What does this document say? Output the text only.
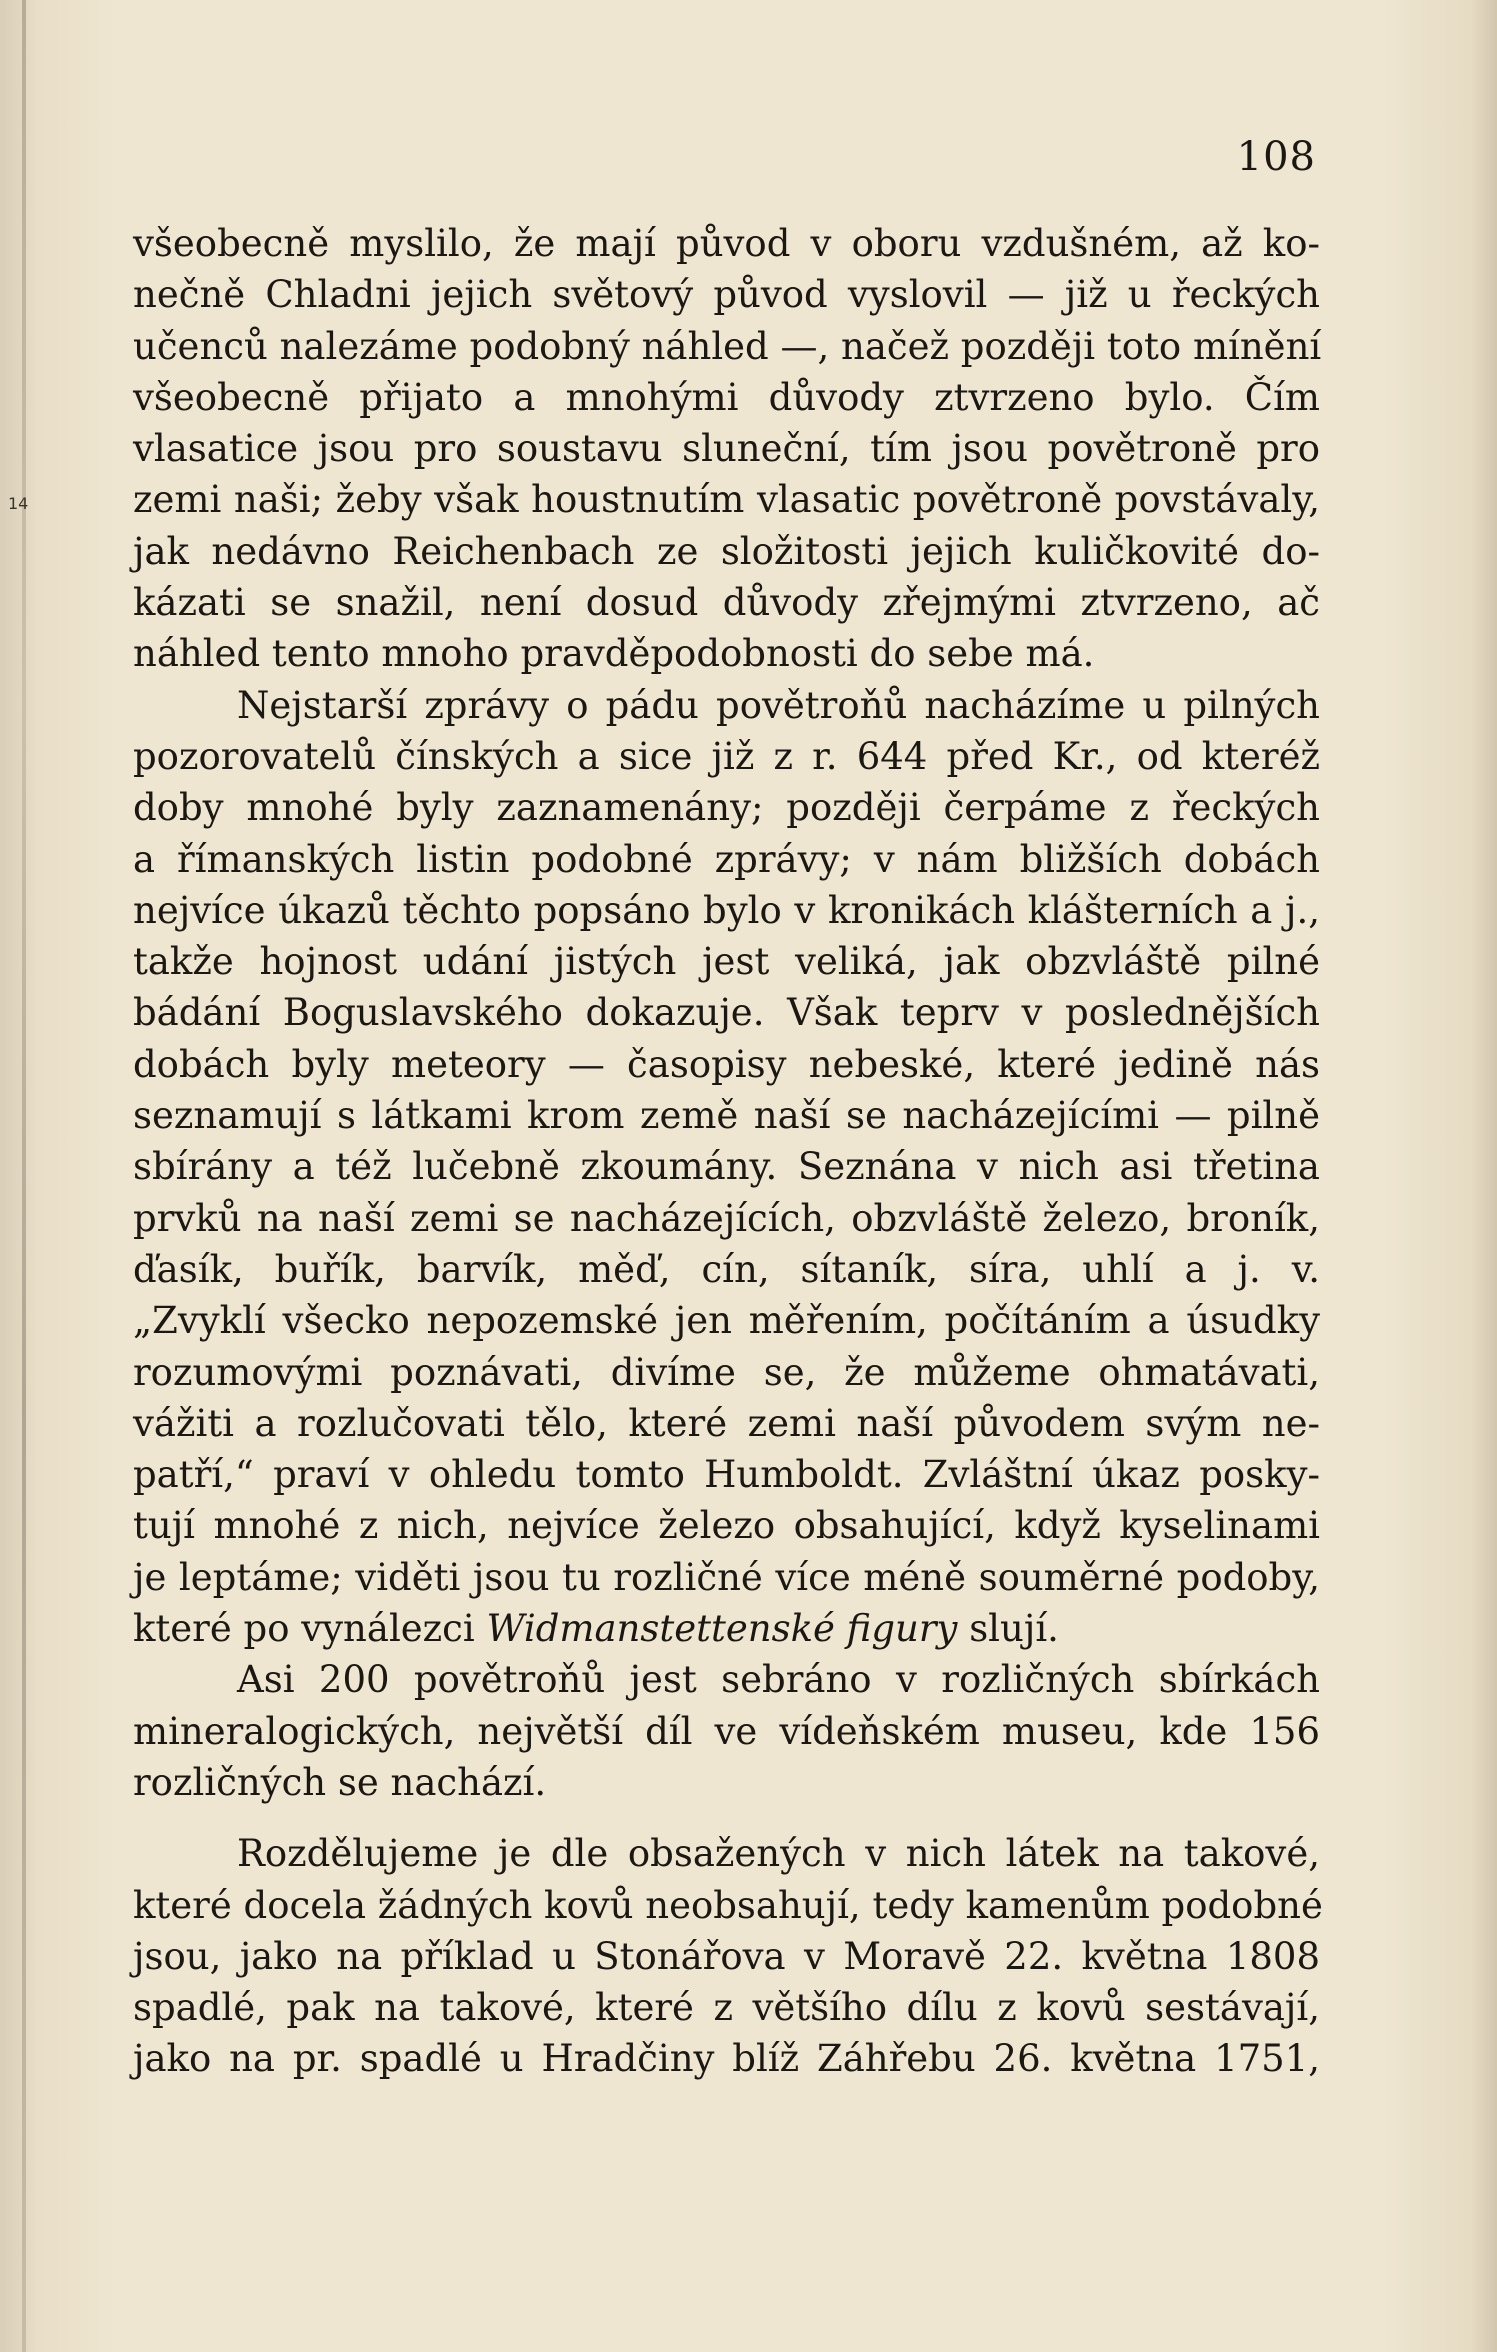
14
108
všeobecně myslilo, že mají původ v oboru vzdušném, až ko-
nečně Chladni jejich světový původ vyslovil — již u řeckých
učenců nalezáme podobný náhled —, načež později toto mínění
všeobecně přijato a mnohými důvody ztvrzeno bylo. Čím
vlasatice jsou pro soustavu sluneční, tím jsou povětroně pro
zemi naši; žeby však houstnutím vlasatic povětroně povstávaly,
jak nedávno Reichenbach ze složitosti jejich kuličkovité do-
kázati se snažil, není dosud důvody zřejmými ztvrzeno, ač
náhled tento mnoho pravděpodobnosti do sebe má.
Nejstarší zprávy o pádu povětroňů nacházíme u pilných
pozorovatelů čínských a sice již z r. 644 před Kr., od kteréž
doby mnohé byly zaznamenány; později čerpáme z řeckých
a římanských listin podobné zprávy; v nám bližších dobách
nejvíce úkazů těchto popsáno bylo v kronikách klášterních a j.,
takže hojnost udání jistých jest veliká, jak obzvláště pilné
bádání Boguslavského dokazuje. Však teprv v poslednějších
dobách byly meteory — časopisy nebeské, které jedině nás
seznamují s látkami krom země naší se nacházejícími — pilně
sbírány a též lučebně zkoumány. Seznána v nich asi třetina
prvků na naší zemi se nacházejících, obzvláště železo, broník,
ďasík, buřík, barvík, měď, cín, sítaník, síra, uhlí a j. v.
„Zvyklí všecko nepozemské jen měřením, počítáním a úsudky
rozumovými poznávati, divíme se, že můžeme ohmatávati,
vážiti a rozlučovati tělo, které zemi naší původem svým ne-
patří,“ praví v ohledu tomto Humboldt. Zvláštní úkaz posky-
tují mnohé z nich, nejvíce železo obsahující, když kyselinami
je leptáme; viděti jsou tu rozličné více méně souměrné podoby,
které po vynálezci Widmanstettenské figury slují.
Asi 200 povětroňů jest sebráno v rozličných sbírkách
mineralogických, největší díl ve vídeňském museu, kde 156
rozličných se nachází.
Rozdělujeme je dle obsažených v nich látek na takové,
které docela žádných kovů neobsahují, tedy kamenům podobné
jsou, jako na příklad u Stonářova v Moravě 22. května 1808
spadlé, pak na takové, které z většího dílu z kovů sestávají,
jako na pr. spadlé u Hradčiny blíž Záhřebu 26. května 1751,
